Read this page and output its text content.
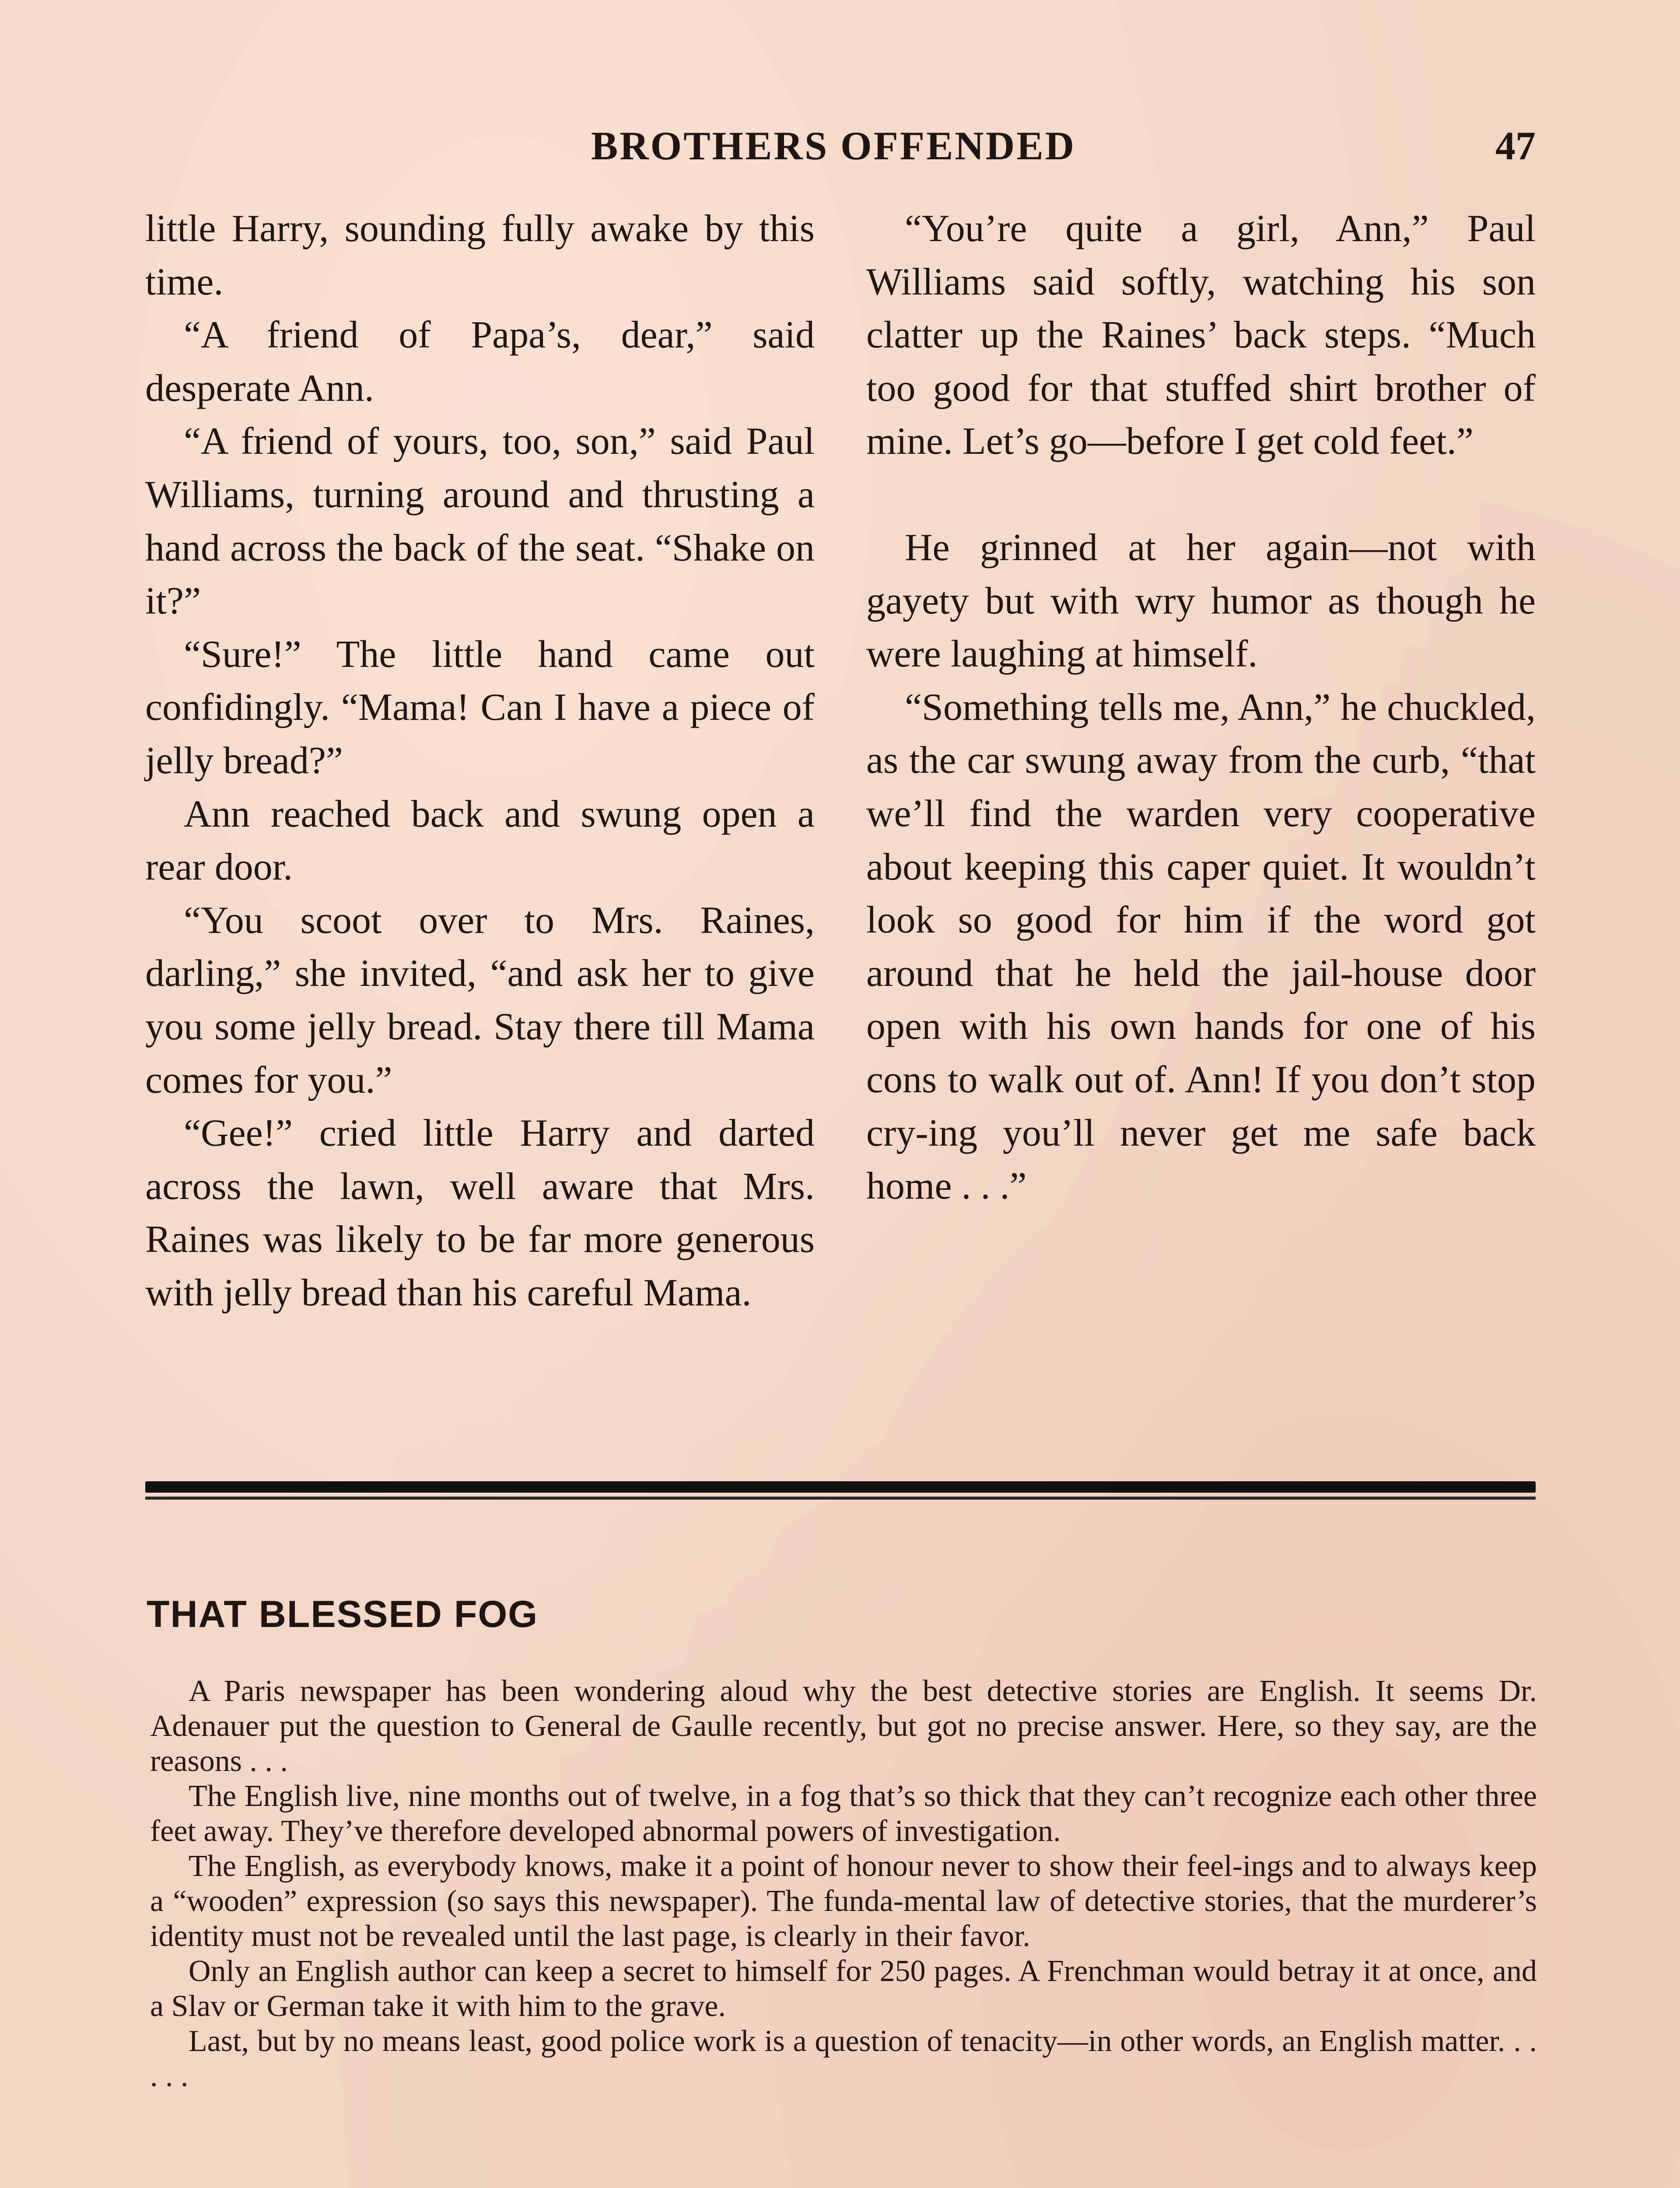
BROTHERS OFFENDED	47

little Harry, sounding fully awake by this time.

“A friend of Papa’s, dear,” said desperate Ann.

“A friend of yours, too, son,” said Paul Williams, turning around and thrusting a hand across the back of the seat. “Shake on it?”

“Sure!” The little hand came out confidingly. “Mama! Can I have a piece of jelly bread?”

Ann reached back and swung open a rear door.

“You scoot over to Mrs. Raines, darling,” she invited, “and ask her to give you some jelly bread. Stay there till Mama comes for you.”

“Gee!” cried little Harry and darted across the lawn, well aware that Mrs. Raines was likely to be far more generous with jelly bread than his careful Mama.

“You’re quite a girl, Ann,” Paul Williams said softly, watching his son clatter up the Raines’ back steps. “Much too good for that stuffed shirt brother of mine. Let’s go—before I get cold feet.”

He grinned at her again—not with gayety but with wry humor as though he were laughing at himself.

“Something tells me, Ann,” he chuckled, as the car swung away from the curb, “that we’ll find the warden very cooperative about keeping this caper quiet. It wouldn’t look so good for him if the word got around that he held the jail-house door open with his own hands for one of his cons to walk out of. Ann! If you don’t stop cry-ing you’ll never get me safe back home . . .”

THAT BLESSED FOG

A Paris newspaper has been wondering aloud why the best detective stories are English. It seems Dr. Adenauer put the question to General de Gaulle recently, but got no precise answer. Here, so they say, are the reasons . . .

The English live, nine months out of twelve, in a fog that’s so thick that they can’t recognize each other three feet away. They’ve therefore developed abnormal powers of investigation.

The English, as everybody knows, make it a point of honour never to show their feel-ings and to always keep a “wooden” expression (so says this newspaper). The funda-mental law of detective stories, that the murderer’s identity must not be revealed until the last page, is clearly in their favor.

Only an English author can keep a secret to himself for 250 pages. A Frenchman would betray it at once, and a Slav or German take it with him to the grave.

Last, but by no means least, good police work is a question of tenacity—in other words, an English matter. . . . . .
